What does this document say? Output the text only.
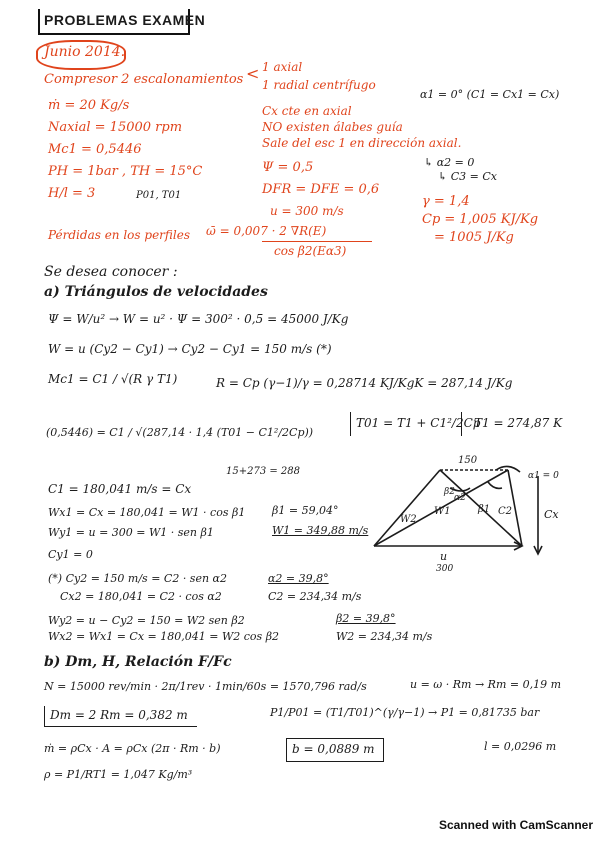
PROBLEMAS EXAMEN
Junio 2014.
Compresor 2 escalonamientos
1 axial
1 radial centrífugo
<
ṁ = 20 Kg/s
Naxial = 15000 rpm
Mc1 = 0,5446
PH = 1bar , TH = 15°C
H/l = 3	P01, T01
Pérdidas en los perfiles ω̄ = 0,007 · 2 ∇R(E)
cos β2(Eα3)
Cx cte en axial
NO existen álabes guía
Sale del esc 1 en dirección axial.
Ψ = 0,5
DFR = DFE = 0,6
u = 300 m/s
α1 = 0° (C1 = Cx1 = Cx)
↳ α2 = 0
↳ C3 = Cx
γ = 1,4
Cp = 1,005 KJ/Kg
= 1005 J/Kg
Se desea conocer :
a) Triángulos de velocidades
Ψ = W/u² → W = u² · Ψ = 300² · 0,5 = 45000 J/Kg
W = u (Cy2 − Cy1) → Cy2 − Cy1 = 150 m/s (*)
Mc1 = C1 / √(R γ T1)	R = Cp (γ−1)/γ = 0,28714 KJ/KgK = 287,14 J/Kg
(0,5446) = C1 / √(287,14 · 1,4 (T01 − C1²/2Cp))
T01 = T1 + C1²/2Cp
T1 = 274,87 K
15+273 = 288
C1 = 180,041 m/s = Cx
Wx1 = Cx = 180,041 = W1 · cos β1
Wy1 = u = 300 = W1 · sen β1
β1 = 59,04°
W1 = 349,88 m/s
Cy1 = 0
(*) Cy2 = 150 m/s = C2 · sen α2
Cx2 = 180,041 = C2 · cos α2
α2 = 39,8°
C2 = 234,34 m/s
Wy2 = u − Cy2 = 150 = W2 sen β2
Wx2 = Wx1 = Cx = 180,041 = W2 cos β2
β2 = 39,8°
W2 = 234,34 m/s
150
α2
β2
β1
W1
W2
C2	Cx
α1 = 0
u
300
b) Dm, H, Relación F/Fc
N = 15000 rev/min · 2π/1rev · 1min/60s = 1570,796 rad/s	u = ω · Rm → Rm = 0,19 m
Dm = 2 Rm = 0,382 m	P1/P01 = (T1/T01)^(γ/γ−1) → P1 = 0,81735 bar
ṁ = ρCx · A = ρCx (2π · Rm · b)	b = 0,0889 m	l = 0,0296 m
ρ = P1/RT1 = 1,047 Kg/m³
Scanned with CamScanner
